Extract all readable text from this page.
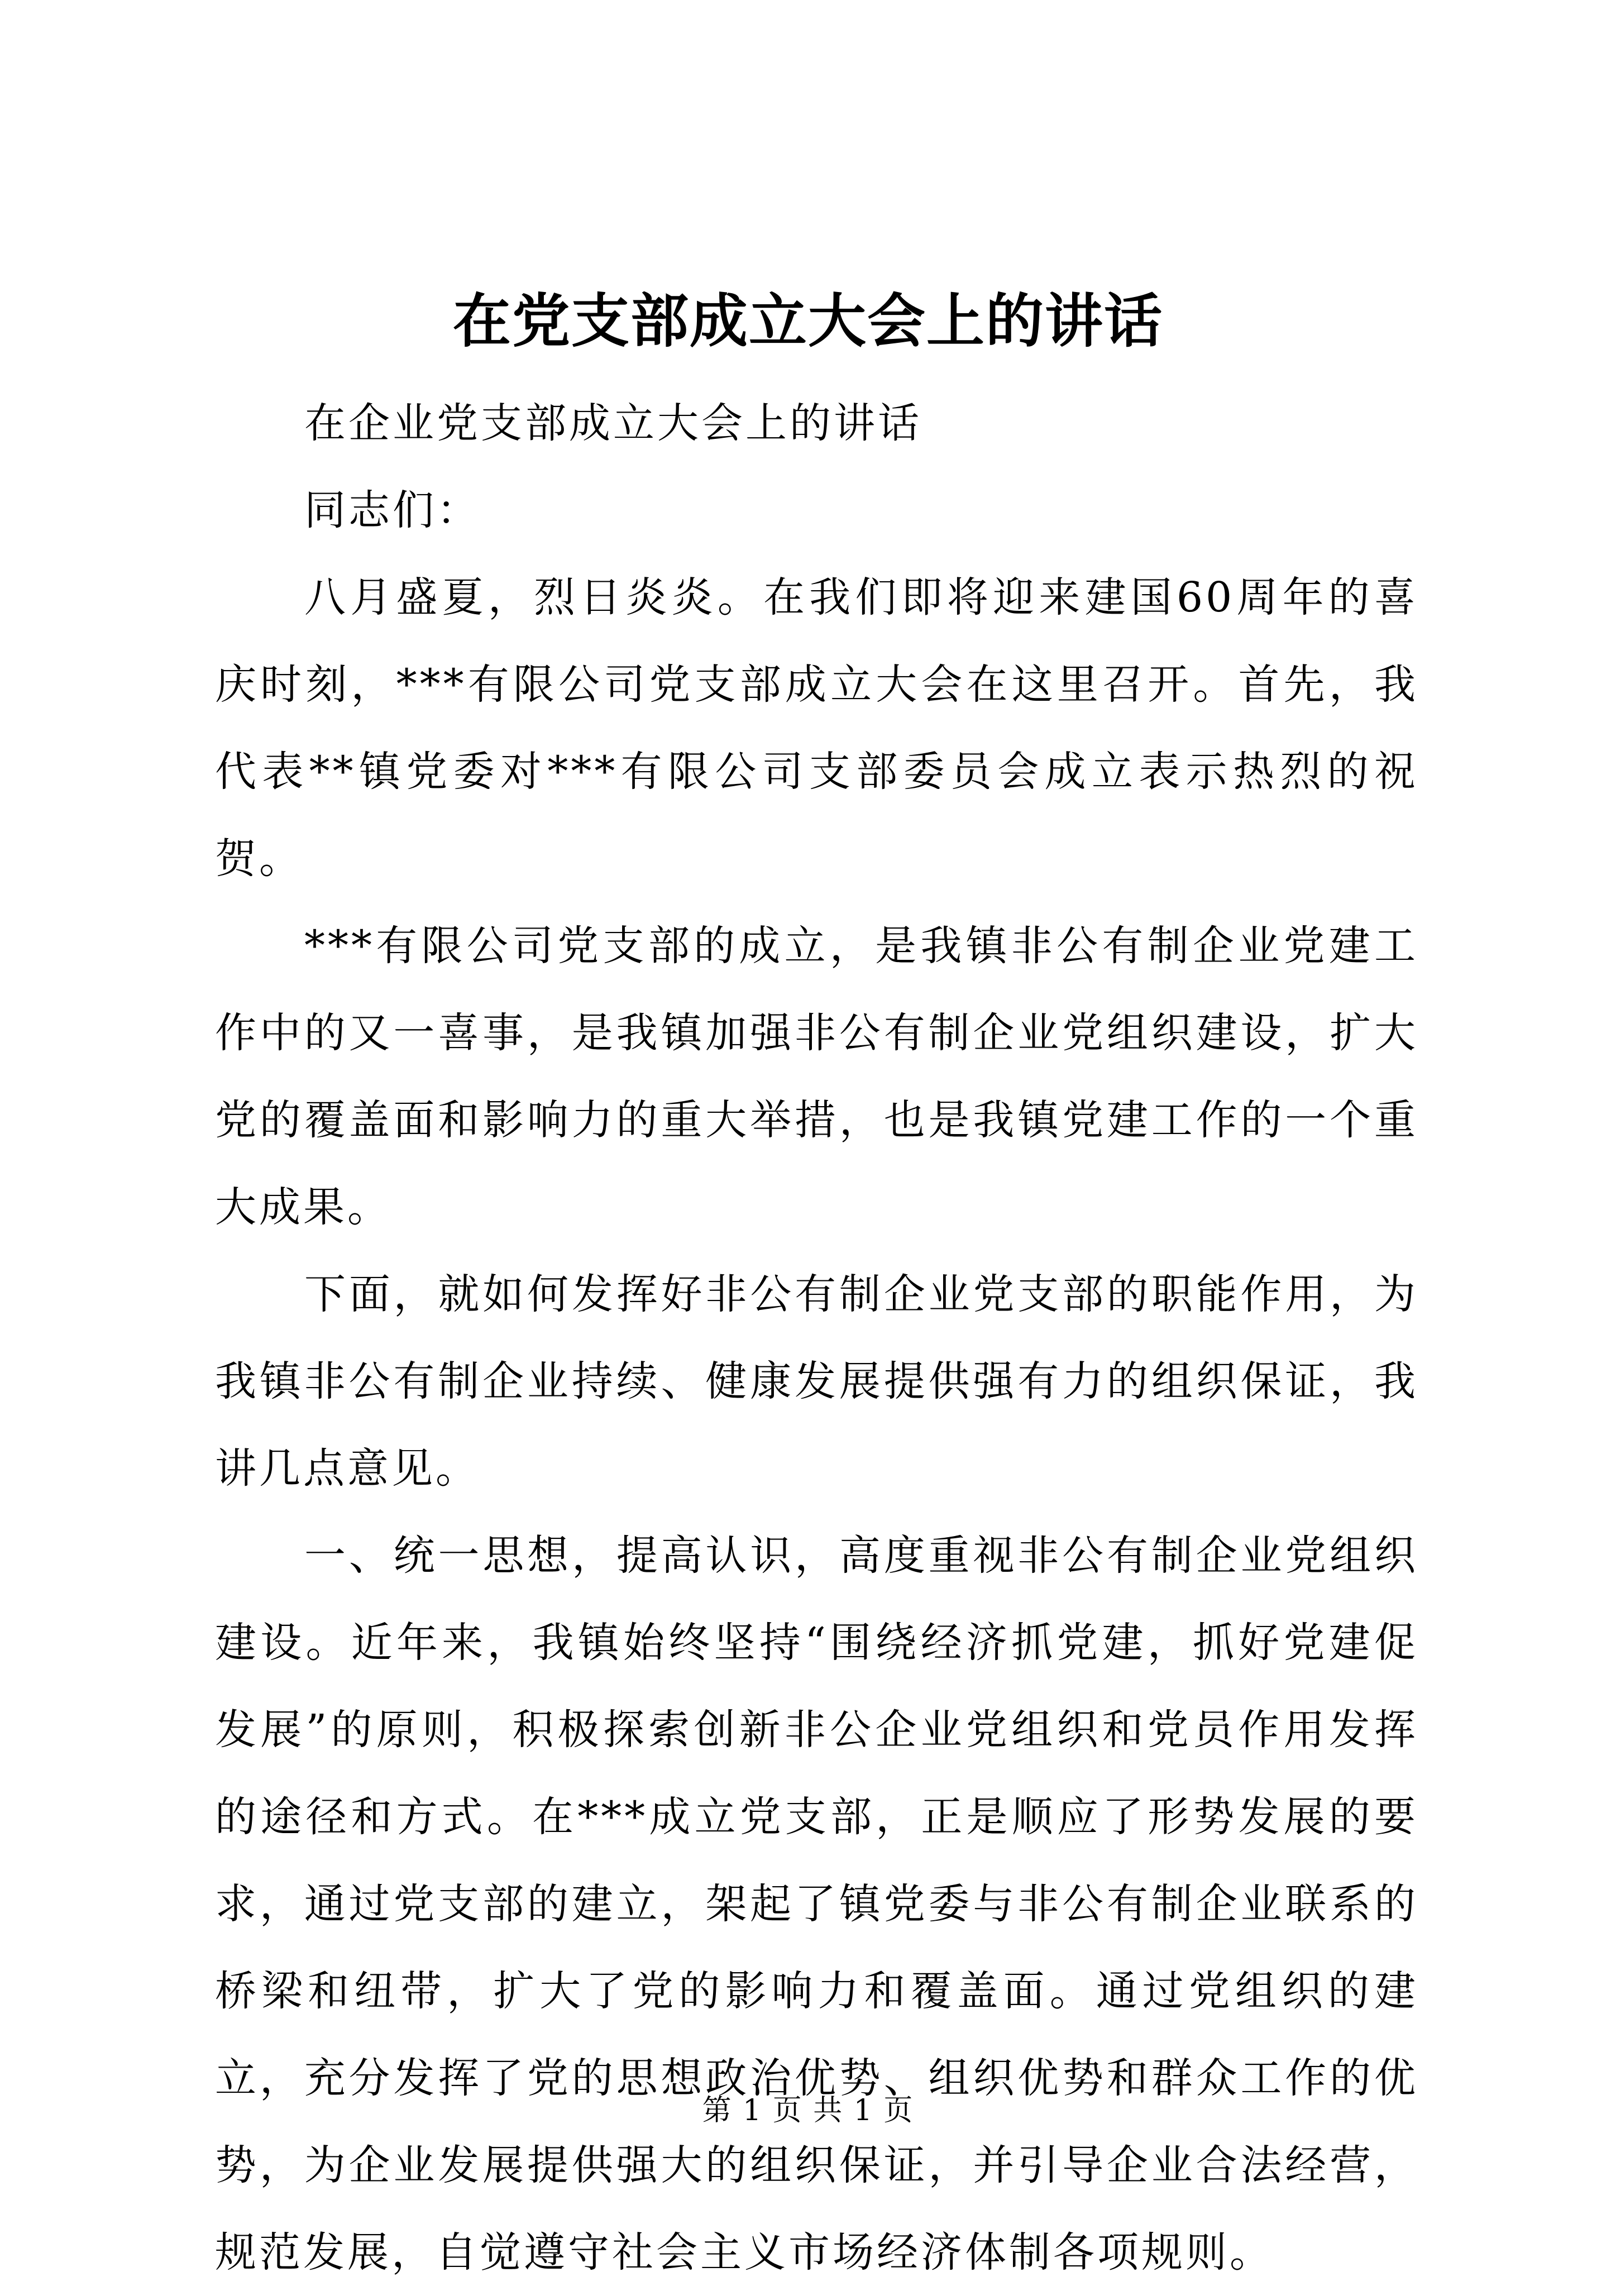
在党支部成立大会上的讲话

在企业党支部成立大会上的讲话

同志们：

八月盛夏，烈日炎炎。在我们即将迎来建国60周年的喜庆时刻，***有限公司党支部成立大会在这里召开。首先，我代表**镇党委对***有限公司支部委员会成立表示热烈的祝贺。

***有限公司党支部的成立，是我镇非公有制企业党建工作中的又一喜事，是我镇加强非公有制企业党组织建设，扩大党的覆盖面和影响力的重大举措，也是我镇党建工作的一个重大成果。

下面，就如何发挥好非公有制企业党支部的职能作用，为我镇非公有制企业持续、健康发展提供强有力的组织保证，我讲几点意见。

一、统一思想，提高认识，高度重视非公有制企业党组织建设。近年来，我镇始终坚持“围绕经济抓党建，抓好党建促发展”的原则，积极探索创新非公企业党组织和党员作用发挥的途径和方式。在***成立党支部，正是顺应了形势发展的要求，通过党支部的建立，架起了镇党委与非公有制企业联系的桥梁和纽带，扩大了党的影响力和覆盖面。通过党组织的建立，充分发挥了党的思想政治优势、组织优势和群众工作的优势，为企业发展提供强大的组织保证，并引导企业合法经营，规范发展，自觉遵守社会主义市场经济体制各项规则。

第 1 页 共 1 页
